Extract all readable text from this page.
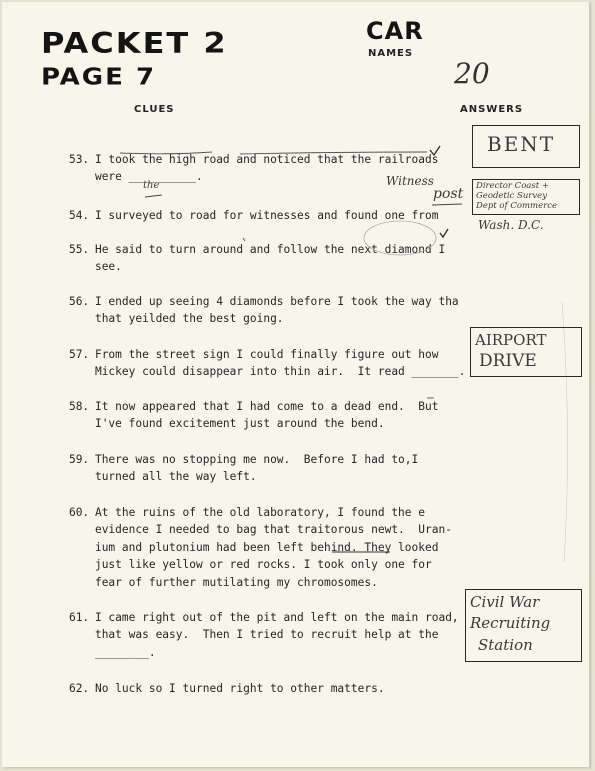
PACKET 2
PAGE 7
CAR
NAMES
20
CLUES	ANSWERS

53. I took the high road and noticed that the railroads
were __________.

54. I surveyed to road for witnesses and found one from

55. He said to turn around and follow the next diamond I
see.

56. I ended up seeing 4 diamonds before I took the way tha
that yeilded the best going.

57. From the street sign I could finally figure out how
Mickey could disappear into thin air.  It read _______.

58. It now appeared that I had come to a dead end.  But
I've found excitement just around the bend.

59. There was no stopping me now.  Before I had to,I
turned all the way left.

60. At the ruins of the old laboratory, I found the e
evidence I needed to bag that traitorous newt.  Uran-
ium and plutonium had been left behind. They looked
just like yellow or red rocks. I took only one for
fear of further mutilating my chromosomes.

61. I came right out of the pit and left on the main road,
that was easy.  Then I tried to recruit help at the
________.

62. No luck so I turned right to other matters.

the	Witness
post
BENT
Director Coast +
Geodetic Survey
Dept of Commerce
Wash. D.C.
AIRPORT
DRIVE
Civil War
Recruiting
Station
